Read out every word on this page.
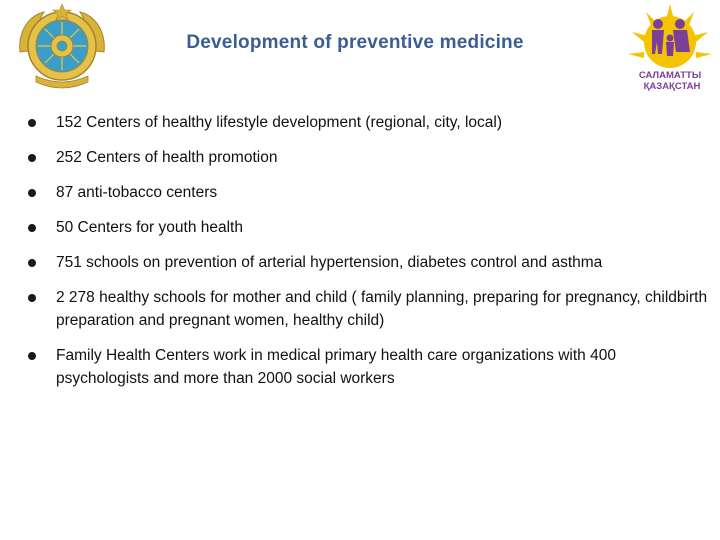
Development of preventive medicine
САЛАМАТТЫ
ҚАЗАҚСТАН
152 Centers of healthy lifestyle development (regional, city, local)
252 Centers of health promotion
87 anti-tobacco centers
50 Centers for youth health
751 schools on prevention of arterial hypertension, diabetes control and asthma
2 278 healthy schools for mother and child ( family planning, preparing for pregnancy, childbirth preparation and pregnant women, healthy child)
Family Health Centers work in medical primary health care organizations with 400 psychologists and more than 2000 social workers
